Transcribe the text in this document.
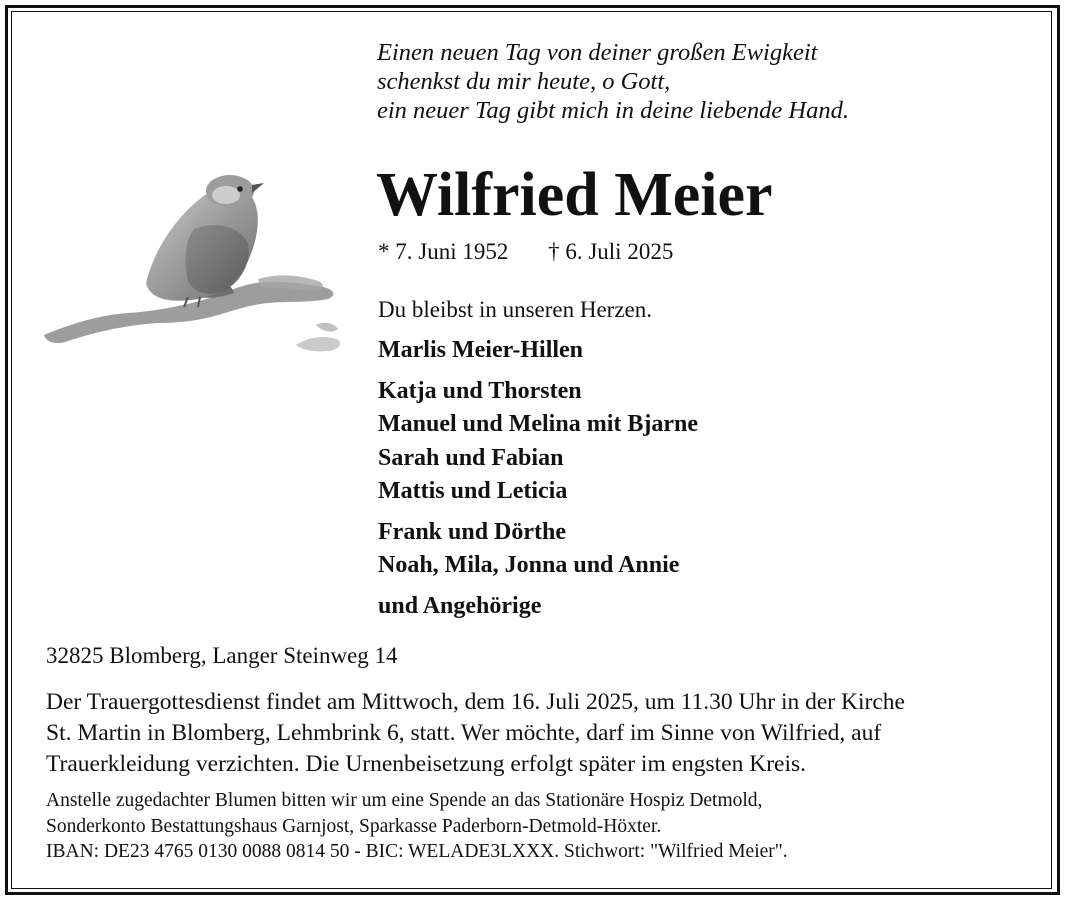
Einen neuen Tag von deiner großen Ewigkeit
schenkst du mir heute, o Gott,
ein neuer Tag gibt mich in deine liebende Hand.
Wilfried Meier
* 7. Juni 1952 † 6. Juli 2025
Du bleibst in unseren Herzen.
Marlis Meier-Hillen
Katja und Thorsten
Manuel und Melina mit Bjarne
Sarah und Fabian
Mattis und Leticia
Frank und Dörthe
Noah, Mila, Jonna und Annie
und Angehörige
32825 Blomberg, Langer Steinweg 14
Der Trauergottesdienst findet am Mittwoch, dem 16. Juli 2025, um 11.30 Uhr in der Kirche
St. Martin in Blomberg, Lehmbrink 6, statt. Wer möchte, darf im Sinne von Wilfried, auf
Trauerkleidung verzichten. Die Urnenbeisetzung erfolgt später im engsten Kreis.
Anstelle zugedachter Blumen bitten wir um eine Spende an das Stationäre Hospiz Detmold,
Sonderkonto Bestattungshaus Garnjost, Sparkasse Paderborn-Detmold-Höxter.
IBAN: DE23 4765 0130 0088 0814 50 - BIC: WELADE3LXXX. Stichwort: "Wilfried Meier".
